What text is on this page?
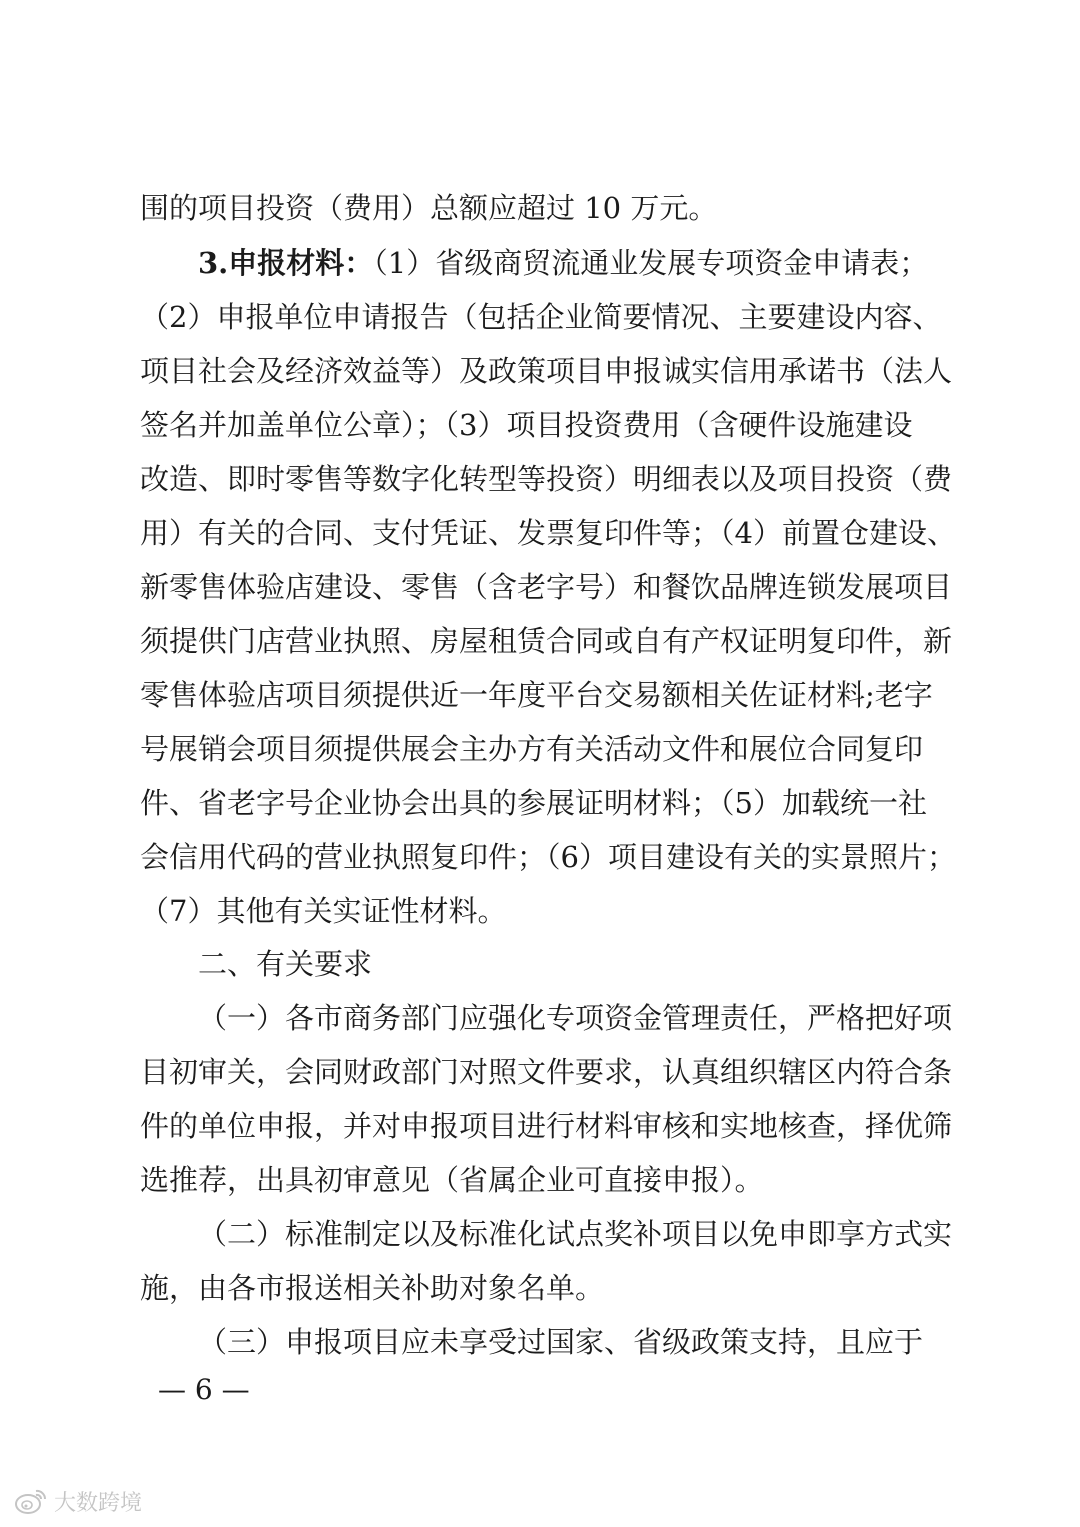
围的项目投资（费用）总额应超过 10 万元。

3.申报材料：（1）省级商贸流通业发展专项资金申请表；

（2）申报单位申请报告（包括企业简要情况、主要建设内容、

项目社会及经济效益等）及政策项目申报诚实信用承诺书（法人

签名并加盖单位公章）；（3）项目投资费用（含硬件设施建设

改造、即时零售等数字化转型等投资）明细表以及项目投资（费

用）有关的合同、支付凭证、发票复印件等；（4）前置仓建设、

新零售体验店建设、零售（含老字号）和餐饮品牌连锁发展项目

须提供门店营业执照、房屋租赁合同或自有产权证明复印件，新

零售体验店项目须提供近一年度平台交易额相关佐证材料;老字

号展销会项目须提供展会主办方有关活动文件和展位合同复印

件、省老字号企业协会出具的参展证明材料；（5）加载统一社

会信用代码的营业执照复印件；（6）项目建设有关的实景照片；

（7）其他有关实证性材料。

二、有关要求

（一）各市商务部门应强化专项资金管理责任，严格把好项

目初审关，会同财政部门对照文件要求，认真组织辖区内符合条

件的单位申报，并对申报项目进行材料审核和实地核查，择优筛

选推荐，出具初审意见（省属企业可直接申报）。

（二）标准制定以及标准化试点奖补项目以免申即享方式实

施，由各市报送相关补助对象名单。

（三）申报项目应未享受过国家、省级政策支持，且应于

— 6 —
大数跨境
